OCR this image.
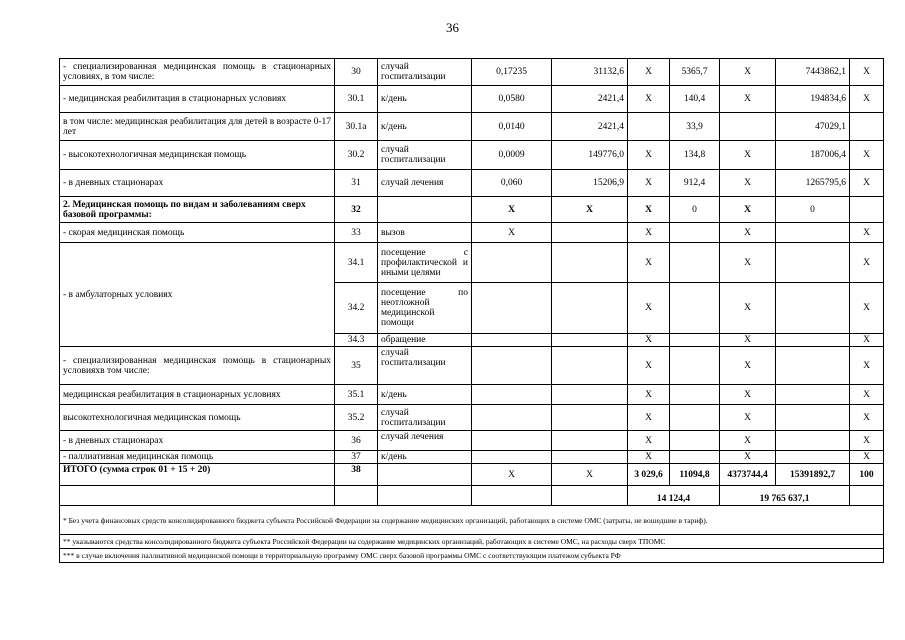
36
- специализированная медицинская помощь в стационарных условиях, в том числе:	30	случай госпитализации	0,17235	31132,6	Х	5365,7	Х	7443862,1	Х
- медицинская реабилитация в стационарных условиях	30.1	к/день	0,0580	2421,4	Х	140,4	Х	194834,6	Х
в том числе: медицинская реабилитация для детей в возрасте 0-17 лет	30.1а	к/день	0,0140	2421,4		33,9		47029,1	
- высокотехнологичная медицинская помощь	30.2	случай госпитализации	0,0009	149776,0	Х	134,8	Х	187006,4	Х
- в дневных стационарах	31	случай лечения	0,060	15206,9	Х	912,4	Х	1265795,6	Х
2. Медицинская помощь по видам и заболеваниям сверх базовой программы:	32		Х	Х	Х	0	Х	0	
- скорая медицинская помощь	33	вызов	Х		Х		Х		Х
- в амбулаторных условиях	34.1	посещение с профилактической и иными целями			Х		Х		Х
	34.2	посещение по неотложной медицинской помощи			Х		Х		Х
	34.3	обращение			Х		Х		Х
- специализированная медицинская помощь в стационарных условияхв том числе:	35	случай госпитализации			Х		Х		Х
медицинская реабилитация в стационарных условиях	35.1	к/день			Х		Х		Х
высокотехнологичная медицинская помощь	35.2	случай госпитализации			Х		Х		Х
- в дневных стационарах	36	случай лечения			Х		Х		Х
- паллиативная медицинская помощь	37	к/день			Х		Х		Х
ИТОГО (сумма строк 01 + 15 + 20)	38		Х	Х	3 029,6	11094,8	4373744,4	15391892,7	100
					14 124,4		19 765 637,1		
* Без учета финансовых средств консолидированного бюджета субъекта Российской Федерации на содержание медицинских организаций, работающих в системе ОМС (затраты, не вошедшие в тариф).									
** указываются средства консолидированного бюджета субъекта Российской Федерации на содержание медицинских организаций, работающих в системе ОМС, на расходы сверх ТПОМС									
*** в случае включения паллиативной медицинской помощи в территориальную программу ОМС сверх базовой программы ОМС с соответствующим платежом субъекта РФ									
